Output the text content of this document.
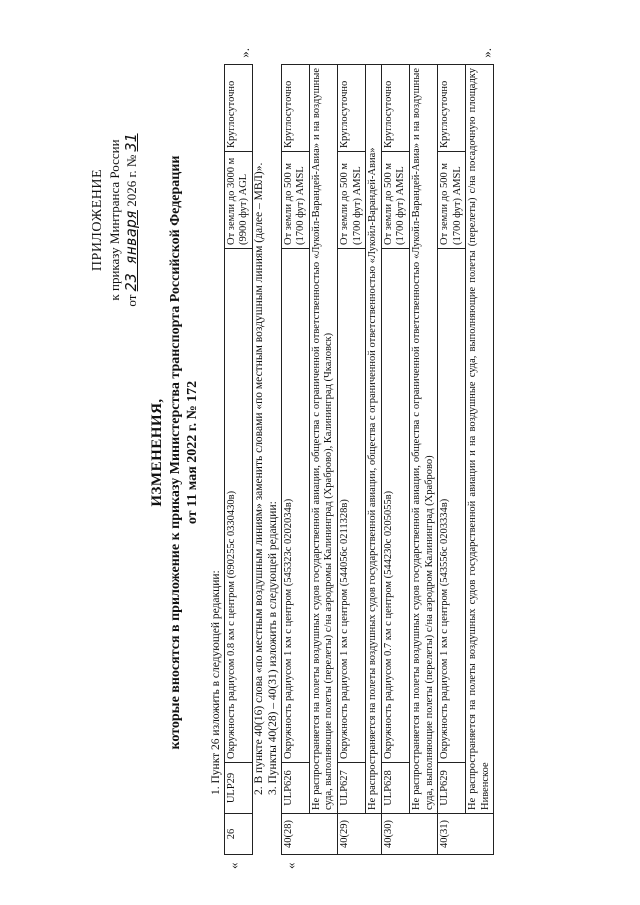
ПРИЛОЖЕНИЕ к приказу Минтранса России от 23 января 2026 г. № 31
ИЗМЕНЕНИЯ, которые вносятся в приложение к приказу Министерства транспорта Российской Федерации от 11 мая 2022 г. № 172

1. Пункт 26 изложить в следующей редакции:

«
26	ULP29	Окружность радиусом 0.8 км с центром (690255с 0330430в)	От земли до 3000 м (9900 фут) AGL	Круглосуточно
».

2. В пункте 40(16) слова «по местным воздушным линиям» заменить словами «по местным воздушным линиям (далее – МВЛ)». 3. Пункты 40(28) – 40(31) изложить в следующей редакции:

«
40(28)	ULP626	Окружность радиусом 1 км с центром (545323с 0202034в)	От земли до 500 м (1700 фут) AMSL	Круглосуточно
	Не распространяется на полеты воздушных судов государственной авиации, общества с ограниченной ответственностью «Лукойл-Варандей-Авиа» и на воздушные суда, выполняющие полеты (перелеты) с/на аэродромы Калининград (Храброво), Калининград (Чкаловск)			
40(29)	ULP627	Окружность радиусом 1 км с центром (544056с 0211328в)	От земли до 500 м (1700 фут) AMSL	Круглосуточно
	Не распространяется на полеты воздушных судов государственной авиации, общества с ограниченной ответственностью «Лукойл-Варандей-Авиа»			
40(30)	ULP628	Окружность радиусом 0.7 км с центром (544230с 0205055в)	От земли до 500 м (1700 фут) AMSL	Круглосуточно
	Не распространяется на полеты воздушных судов государственной авиации, общества с ограниченной ответственностью «Лукойл-Варандей-Авиа» и на воздушные суда, выполняющие полеты (перелеты) с/на аэродром Калининград (Храброво)			
40(31)	ULP629	Окружность радиусом 1 км с центром (543556с 0203334в)	От земли до 500 м (1700 фут) AMSL	Круглосуточно
	Не распространяется на полеты воздушных судов государственной авиации и на воздушные суда, выполняющие полеты (перелеты) с/на посадочную площадку Нивенское			
».
